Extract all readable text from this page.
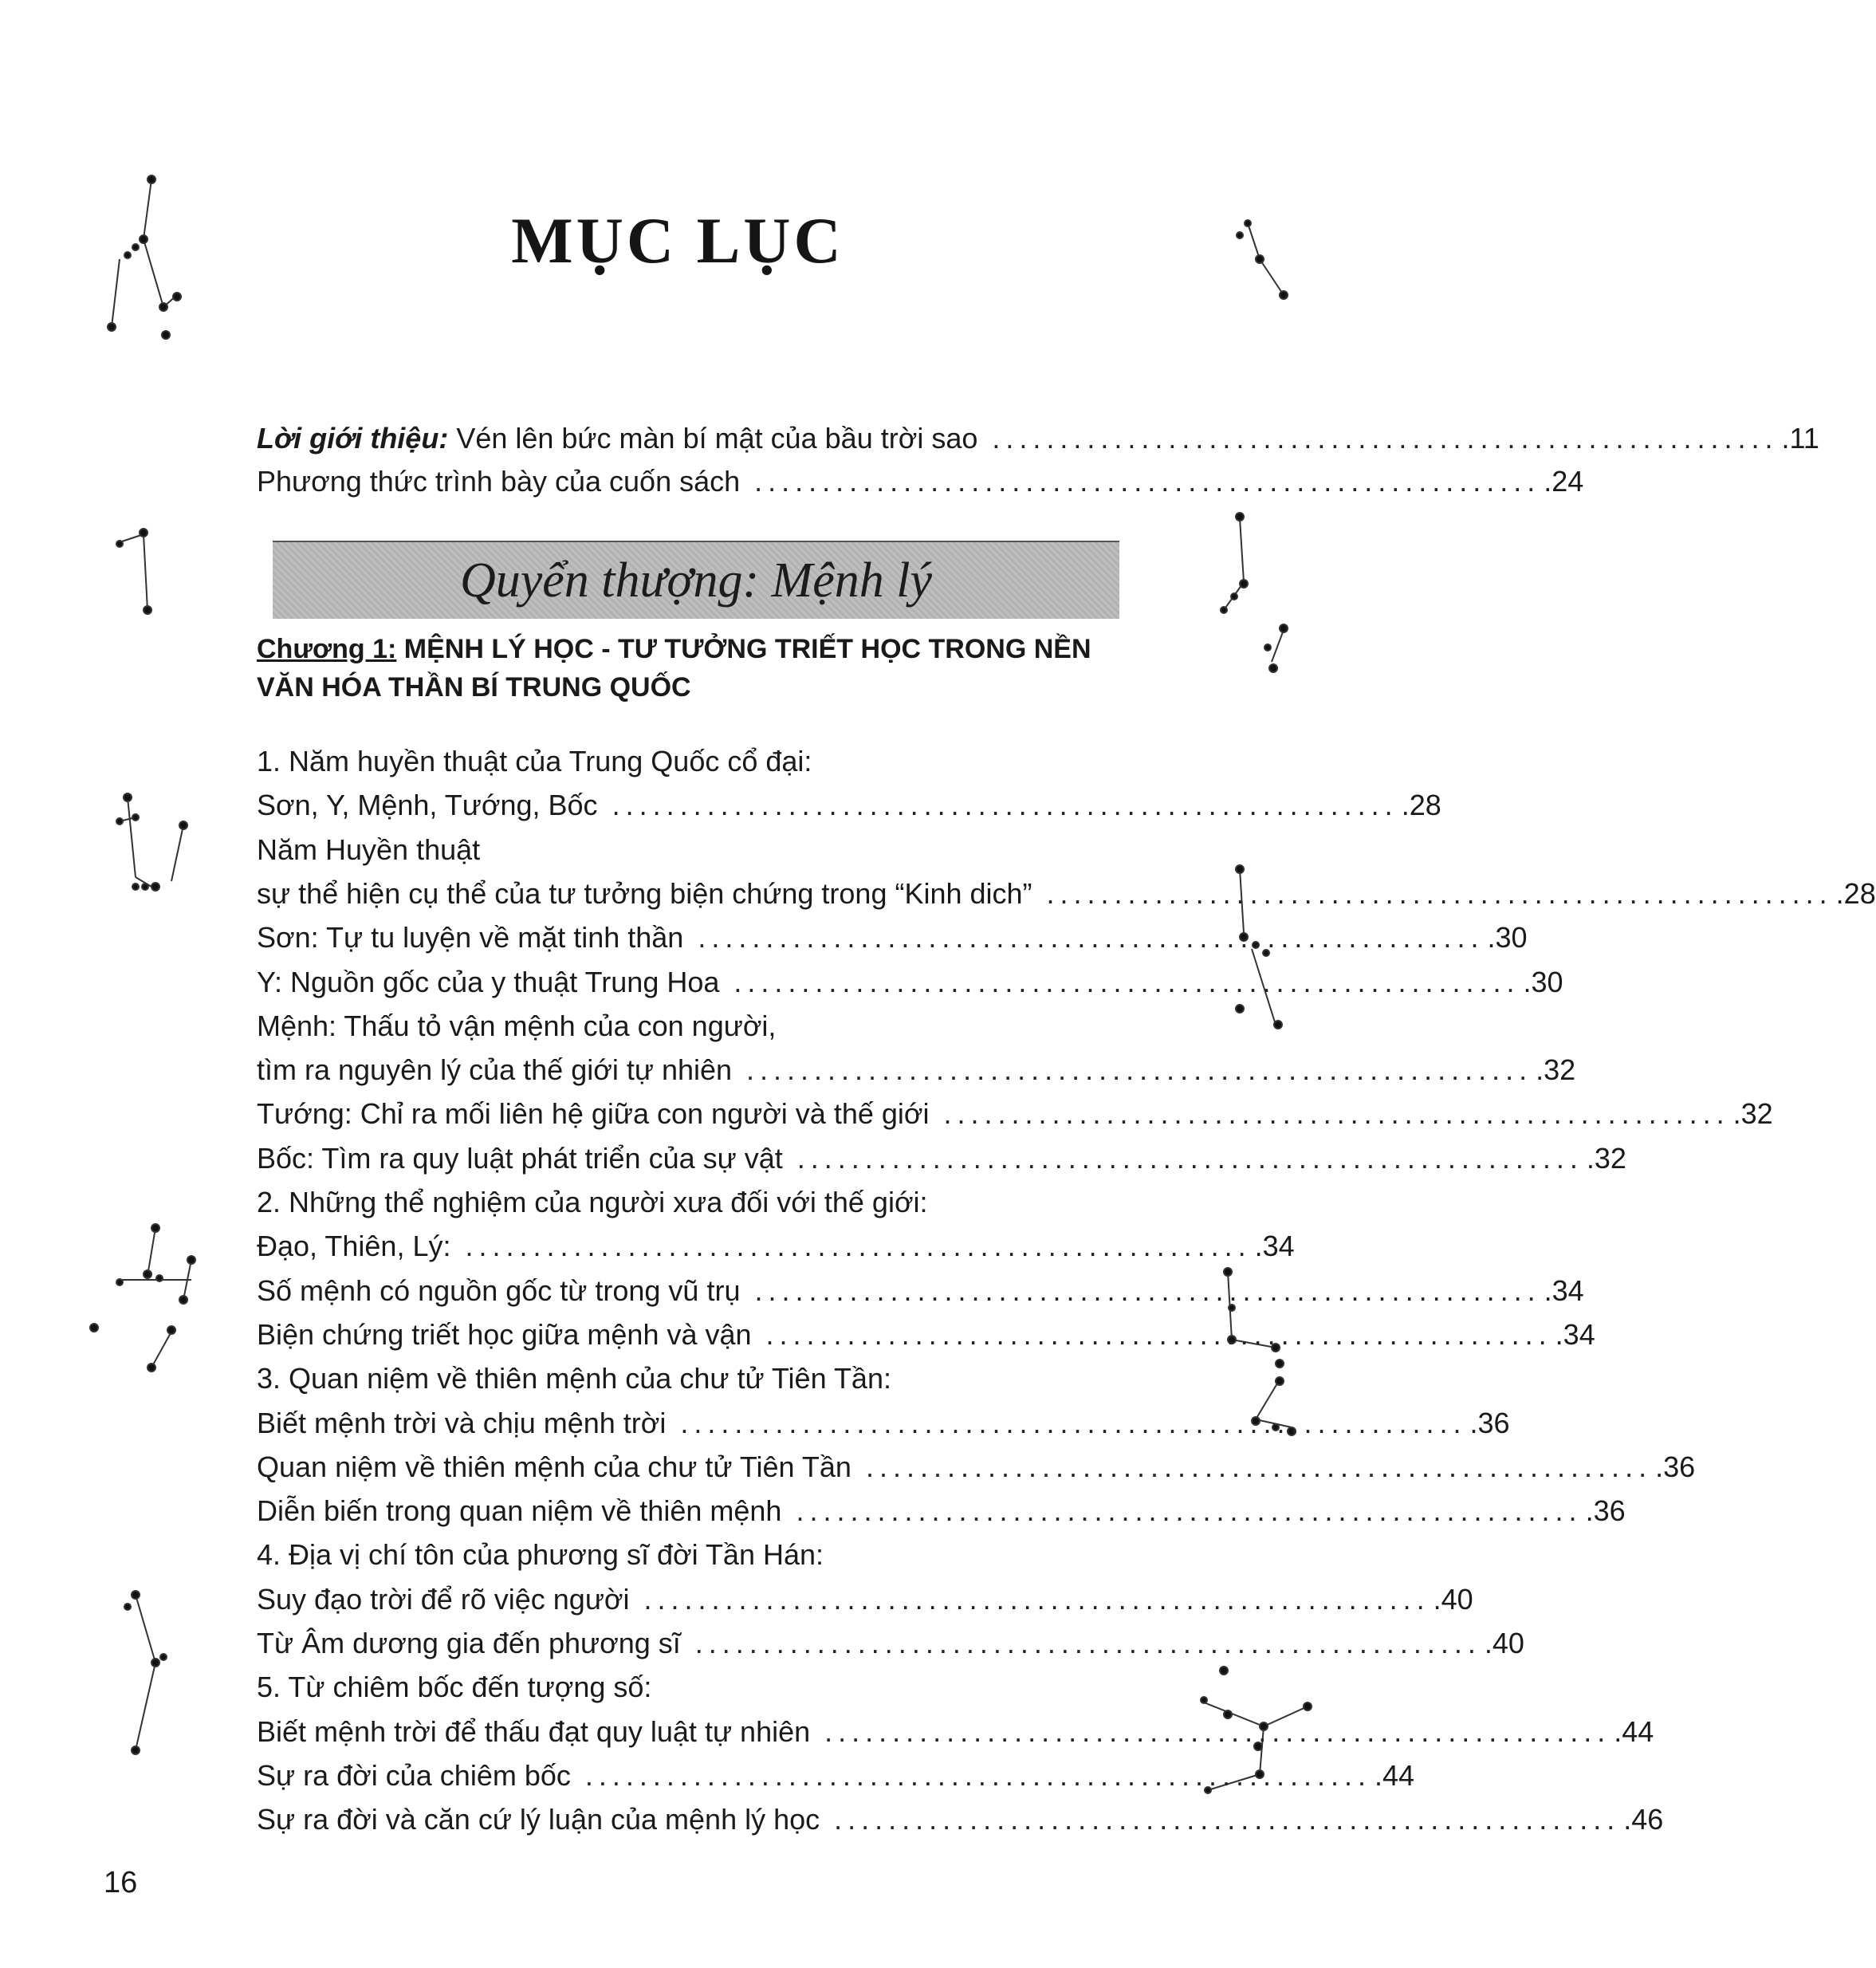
MỤC LỤC
Lời giới thiệu: Vén lên bức màn bí mật của bầu trời sao .......................................................... .11
Phương thức trình bày của cuốn sách .......................................................... .24
Quyển thượng: Mệnh lý
Chương 1: MỆNH LÝ HỌC - TƯ TƯỞNG TRIẾT HỌC TRONG NỀN
VĂN HÓA THẦN BÍ TRUNG QUỐC
1. Năm huyền thuật của Trung Quốc cổ đại:
Sơn, Y, Mệnh, Tướng, Bốc .......................................................... .28
Năm Huyền thuật
sự thể hiện cụ thể của tư tưởng biện chứng trong “Kinh dich” .......................................................... .28
Sơn: Tự tu luyện về mặt tinh thần .......................................................... .30
Y: Nguồn gốc của y thuật Trung Hoa .......................................................... .30
Mệnh: Thấu tỏ vận mệnh của con người,
tìm ra nguyên lý của thế giới tự nhiên .......................................................... .32
Tướng: Chỉ ra mối liên hệ giữa con người và thế giới .......................................................... .32
Bốc: Tìm ra quy luật phát triển của sự vật .......................................................... .32
2. Những thể nghiệm của người xưa đối với thế giới:
Đạo, Thiên, Lý: .......................................................... .34
Số mệnh có nguồn gốc từ trong vũ trụ .......................................................... .34
Biện chứng triết học giữa mệnh và vận .......................................................... .34
3. Quan niệm về thiên mệnh của chư tử Tiên Tần:
Biết mệnh trời và chịu mệnh trời .......................................................... .36
Quan niệm về thiên mệnh của chư tử Tiên Tần .......................................................... .36
Diễn biến trong quan niệm về thiên mệnh .......................................................... .36
4. Địa vị chí tôn của phương sĩ đời Tần Hán:
Suy đạo trời để rõ việc người .......................................................... .40
Từ Âm dương gia đến phương sĩ .......................................................... .40
5. Từ chiêm bốc đến tượng số:
Biết mệnh trời để thấu đạt quy luật tự nhiên .......................................................... .44
Sự ra đời của chiêm bốc .......................................................... .44
Sự ra đời và căn cứ lý luận của mệnh lý học .......................................................... .46
16
